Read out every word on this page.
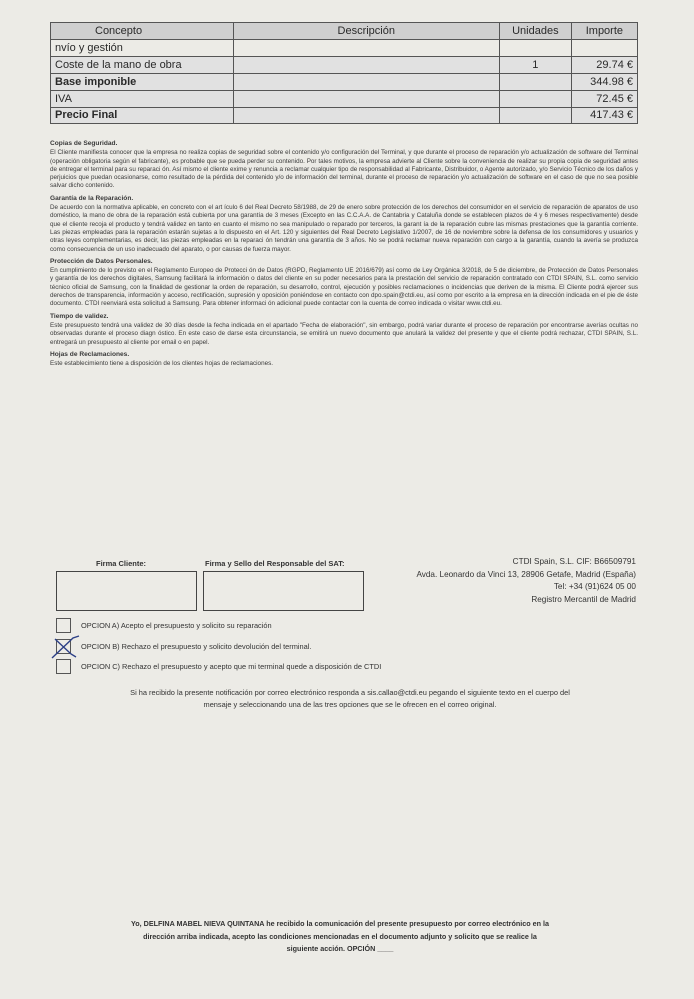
Concepto	Descripción	Unidades	Importe
nvío y gestión			
Coste de la mano de obra		1	29.74 €
Base imponible			344.98 €
IVA			72.45 €
Precio Final			417.43 €
Copias de Seguridad.

El Cliente manifiesta conocer que la empresa no realiza copias de seguridad sobre el contenido y/o configuración del Terminal, y que durante el proceso de reparación y/o actualización de software del Terminal (operación obligatoria según el fabricante), es probable que se pueda perder su contenido. Por tales motivos, la empresa advierte al Cliente sobre la conveniencia de realizar su propia copia de seguridad antes de entregar el terminal para su reparaci ón. Así mismo el cliente exime y renuncia a reclamar cualquier tipo de responsabilidad al Fabricante, Distribuidor, o Agente autorizado, y/o Servicio Técnico de los daños y perjuicios que puedan ocasionarse, como resultado de la pérdida del contenido y/o de información del terminal, durante el proceso de reparación y/o actualización de software en el caso de que no sea posible salvar dicho contenido.

Garantía de la Reparación.

De acuerdo con la normativa aplicable, en concreto con el art ículo 6 del Real Decreto 58/1988, de 29 de enero sobre protección de los derechos del consumidor en el servicio de reparación de aparatos de uso doméstico, la mano de obra de la reparación está cubierta por una garantía de 3 meses (Excepto en las C.C.A.A. de Cantabria y Cataluña donde se establecen plazos de 4 y 6 meses respectivamente) desde que el cliente recoja el producto y tendrá validez en tanto en cuanto el mismo no sea manipulado o reparado por terceros, la garant ía de la reparación cubre las mismas prestaciones que la garantía corriente. Las piezas empleadas para la reparación estarán sujetas a lo dispuesto en el Art. 120 y siguientes del Real Decreto Legislativo 1/2007, de 16 de noviembre sobre la defensa de los consumidores y usuarios y otras leyes complementarias, es decir, las piezas empleadas en la reparaci ón tendrán una garantía de 3 años. No se podrá reclamar nueva reparación con cargo a la garantía, cuando la avería se produzca como consecuencia de un uso inadecuado del aparato, o por causas de fuerza mayor.

Protección de Datos Personales.

En cumplimiento de lo previsto en el Reglamento Europeo de Protecci ón de Datos (RGPD, Reglamento UE 2016/679) así como de Ley Orgánica 3/2018, de 5 de diciembre, de Protección de Datos Personales y garantía de los derechos digitales, Samsung facilitará la información o datos del cliente en su poder necesarios para la prestación del servicio de reparación contratado con CTDI SPAIN, S.L. como servicio técnico oficial de Samsung, con la finalidad de gestionar la orden de reparación, su desarrollo, control, ejecución y posibles reclamaciones o incidencias que deriven de la misma. El Cliente podrá ejercer sus derechos de transparencia, información y acceso, rectificación, supresión y oposición poniéndose en contacto con dpo.spain@ctdi.eu, así como por escrito a la empresa en la dirección indicada en el pie de éste documento. CTDI reenviará esta solicitud a Samsung. Para obtener informaci ón adicional puede contactar con la cuenta de correo indicada o visitar www.ctdi.eu.

Tiempo de validez.

Este presupuesto tendrá una validez de 30 días desde la fecha indicada en el apartado "Fecha de elaboración", sin embargo, podrá variar durante el proceso de reparación por encontrarse averías ocultas no observadas durante el proceso diagn óstico. En este caso de darse esta circunstancia, se emitirá un nuevo documento que anulará la validez del presente y que el cliente podrá rechazar, CTDI SPAIN, S.L. entregará un presupuesto al cliente por email o en papel.

Hojas de Reclamaciones.

Este establecimiento tiene a disposición de los clientes hojas de reclamaciones.

Firma Cliente:	Firma y Sello del Responsable del SAT:	CTDI Spain, S.L. CIF: B66509791
Avda. Leonardo da Vinci 13, 28906 Getafe, Madrid (España)
Tel: +34 (91)624 05 00
Registro Mercantil de Madrid
OPCION A) Acepto el presupuesto y solicito su reparación
OPCION B) Rechazo el presupuesto y solicito devolución del terminal.
OPCION C) Rechazo el presupuesto y acepto que mi terminal quede a disposición de CTDI
Si ha recibido la presente notificación por correo electrónico responda a sis.callao@ctdi.eu pegando el siguiente texto en el cuerpo del
mensaje y seleccionando una de las tres opciones que se le ofrecen en el correo original.
Yo, DELFINA MABEL NIEVA QUINTANA he recibido la comunicación del presente presupuesto por correo electrónico en la
dirección arriba indicada, acepto las condiciones mencionadas en el documento adjunto y solicito que se realice la
siguiente acción. OPCIÓN ____
